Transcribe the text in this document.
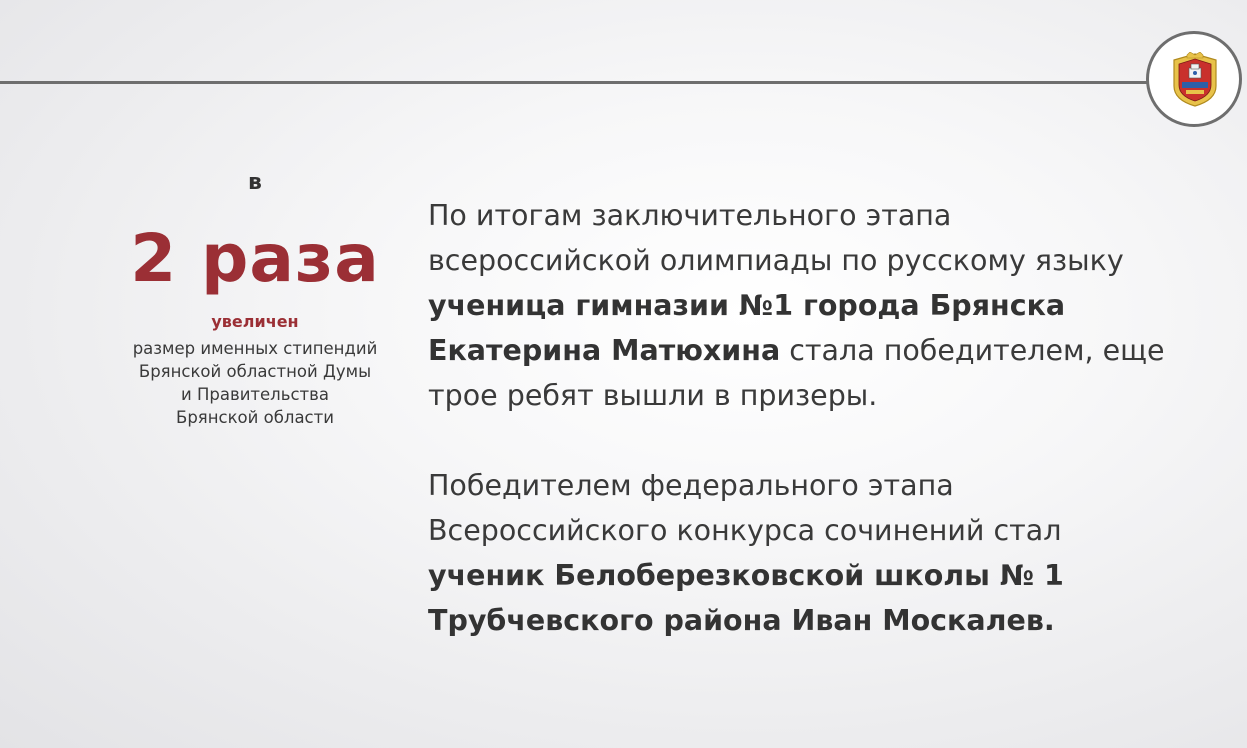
в
2 раза
увеличен
размер именных стипендий
Брянской областной Думы
и Правительства
Брянской области
По итогам заключительного этапа
всероссийской олимпиады по русскому языку
ученица гимназии №1 города Брянска
Екатерина Матюхина стала победителем, еще
трое ребят вышли в призеры.
Победителем федерального этапа
Всероссийского конкурса сочинений стал
ученик Белоберезковской школы № 1
Трубчевского района Иван Москалев.
